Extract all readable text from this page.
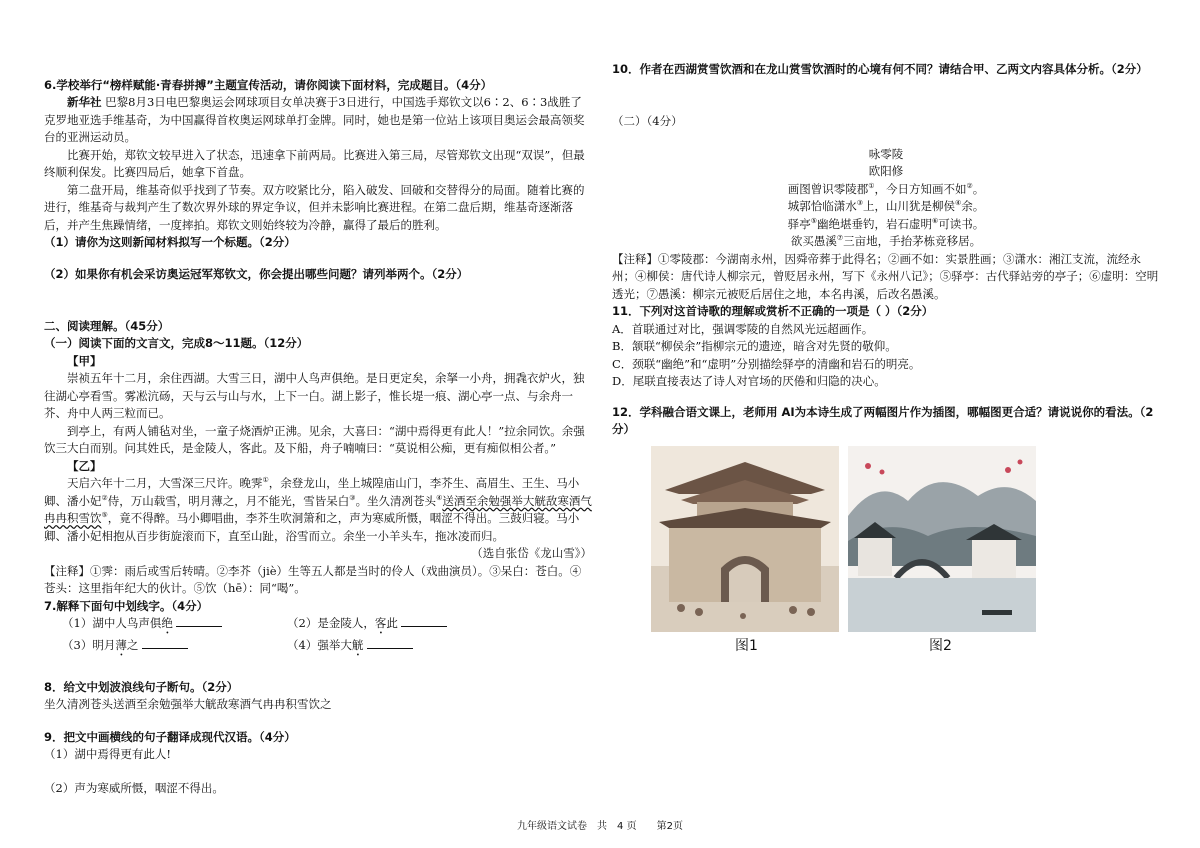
6.学校举行“榜样赋能·青春拼搏”主题宣传活动，请你阅读下面材料，完成题目。（4分）

新华社 巴黎8月3日电巴黎奥运会网球项目女单决赛于3日进行，中国选手郑钦文以6∶2、6∶3战胜了克罗地亚选手维基奇，为中国赢得首枚奥运网球单打金牌。同时，她也是第一位站上该项目奥运会最高领奖台的亚洲运动员。

比赛开始，郑钦文较早进入了状态，迅速拿下前两局。比赛进入第三局，尽管郑钦文出现“双误”，但最终顺利保发。比赛四局后，她拿下首盘。

第二盘开局，维基奇似乎找到了节奏。双方咬紧比分，陷入破发、回破和交替得分的局面。随着比赛的进行，维基奇与裁判产生了数次界外球的界定争议，但并未影响比赛进程。在第二盘后期，维基奇逐渐落后，并产生焦躁情绪，一度摔拍。郑钦文则始终较为冷静，赢得了最后的胜利。

（1）请你为这则新闻材料拟写一个标题。（2分）

（2）如果你有机会采访奥运冠军郑钦文，你会提出哪些问题？请列举两个。（2分）

二、阅读理解。（45分）

（一）阅读下面的文言文，完成8～11题。（12分）

【甲】

崇祯五年十二月，余住西湖。大雪三日，湖中人鸟声俱绝。是日更定矣，余拏一小舟，拥毳衣炉火，独往湖心亭看雪。雾凇沆砀，天与云与山与水，上下一白。湖上影子，惟长堤一痕、湖心亭一点、与余舟一芥、舟中人两三粒而已。

到亭上，有两人铺毡对坐，一童子烧酒炉正沸。见余，大喜曰：“湖中焉得更有此人！”拉余同饮。余强饮三大白而别。问其姓氏，是金陵人，客此。及下船，舟子喃喃曰：“莫说相公痴，更有痴似相公者。”

【乙】

天启六年十二月，大雪深三尺许。晚霁①，余登龙山，坐上城隍庙山门，李芥生、高眉生、王生、马小卿、潘小妃②侍，万山载雪，明月薄之，月不能光，雪皆呆白③。坐久清冽苍头④送酒至余勉强举大觥敌寒酒气冉冉积雪饮⑤，竟不得醉。马小卿唱曲，李芥生吹洞箫和之，声为寒威所慑，咽涩不得出。三鼓归寝。马小卿、潘小妃相抱从百步街旋滚而下，直至山趾，浴雪而立。余坐一小羊头车，拖冰凌而归。

（选自张岱《龙山雪》）

【注释】①霁：雨后或雪后转晴。②李芥（jiè）生等五人都是当时的伶人（戏曲演员）。③呆白：苍白。④苍头：这里指年纪大的伙计。⑤饮（hē）：同“喝”。

7.解释下面句中划线字。（4分）

（1）湖中人鸟声俱绝	（2）是金陵人，客此
（3）明月薄之	（4）强举大觥

8．给文中划波浪线句子断句。（2分）

坐久清冽苍头送酒至余勉强举大觥敌寒酒气冉冉积雪饮之

9．把文中画横线的句子翻译成现代汉语。（4分）

（1）湖中焉得更有此人!

（2）声为寒威所慑，咽涩不得出。

10．作者在西湖赏雪饮酒和在龙山赏雪饮酒时的心境有何不同？请结合甲、乙两文内容具体分析。（2分）

（二）（4分）

咏零陵

欧阳修

画图曾识零陵郡①，今日方知画不如②。

城郭恰临潇水③上，山川犹是柳侯④余。

驿亭⑤幽绝堪垂钓，岩石虚明⑥可读书。

欲买愚溪⑦三亩地，手抬茅栋竞移居。

【注释】①零陵郡：今湖南永州，因舜帝葬于此得名；②画不如：实景胜画；③潇水：湘江支流，流经永州；④柳侯：唐代诗人柳宗元，曾贬居永州，写下《永州八记》；⑤驿亭：古代驿站旁的亭子；⑥虚明：空明透光；⑦愚溪：柳宗元被贬后居住之地，本名冉溪，后改名愚溪。

11．下列对这首诗歌的理解或赏析不正确的一项是（ ）（2分）

A．首联通过对比，强调零陵的自然风光远超画作。

B．颔联“柳侯余”指柳宗元的遗迹，暗含对先贤的敬仰。

C．颈联“幽绝”和“虚明”分别描绘驿亭的清幽和岩石的明亮。

D．尾联直接表达了诗人对官场的厌倦和归隐的决心。

12．学科融合语文课上，老师用 AI为本诗生成了两幅图片作为插图，哪幅图更合适？请说说你的看法。（2分）

图1	图2
九年级语文试卷　共　4 页　　第2页
